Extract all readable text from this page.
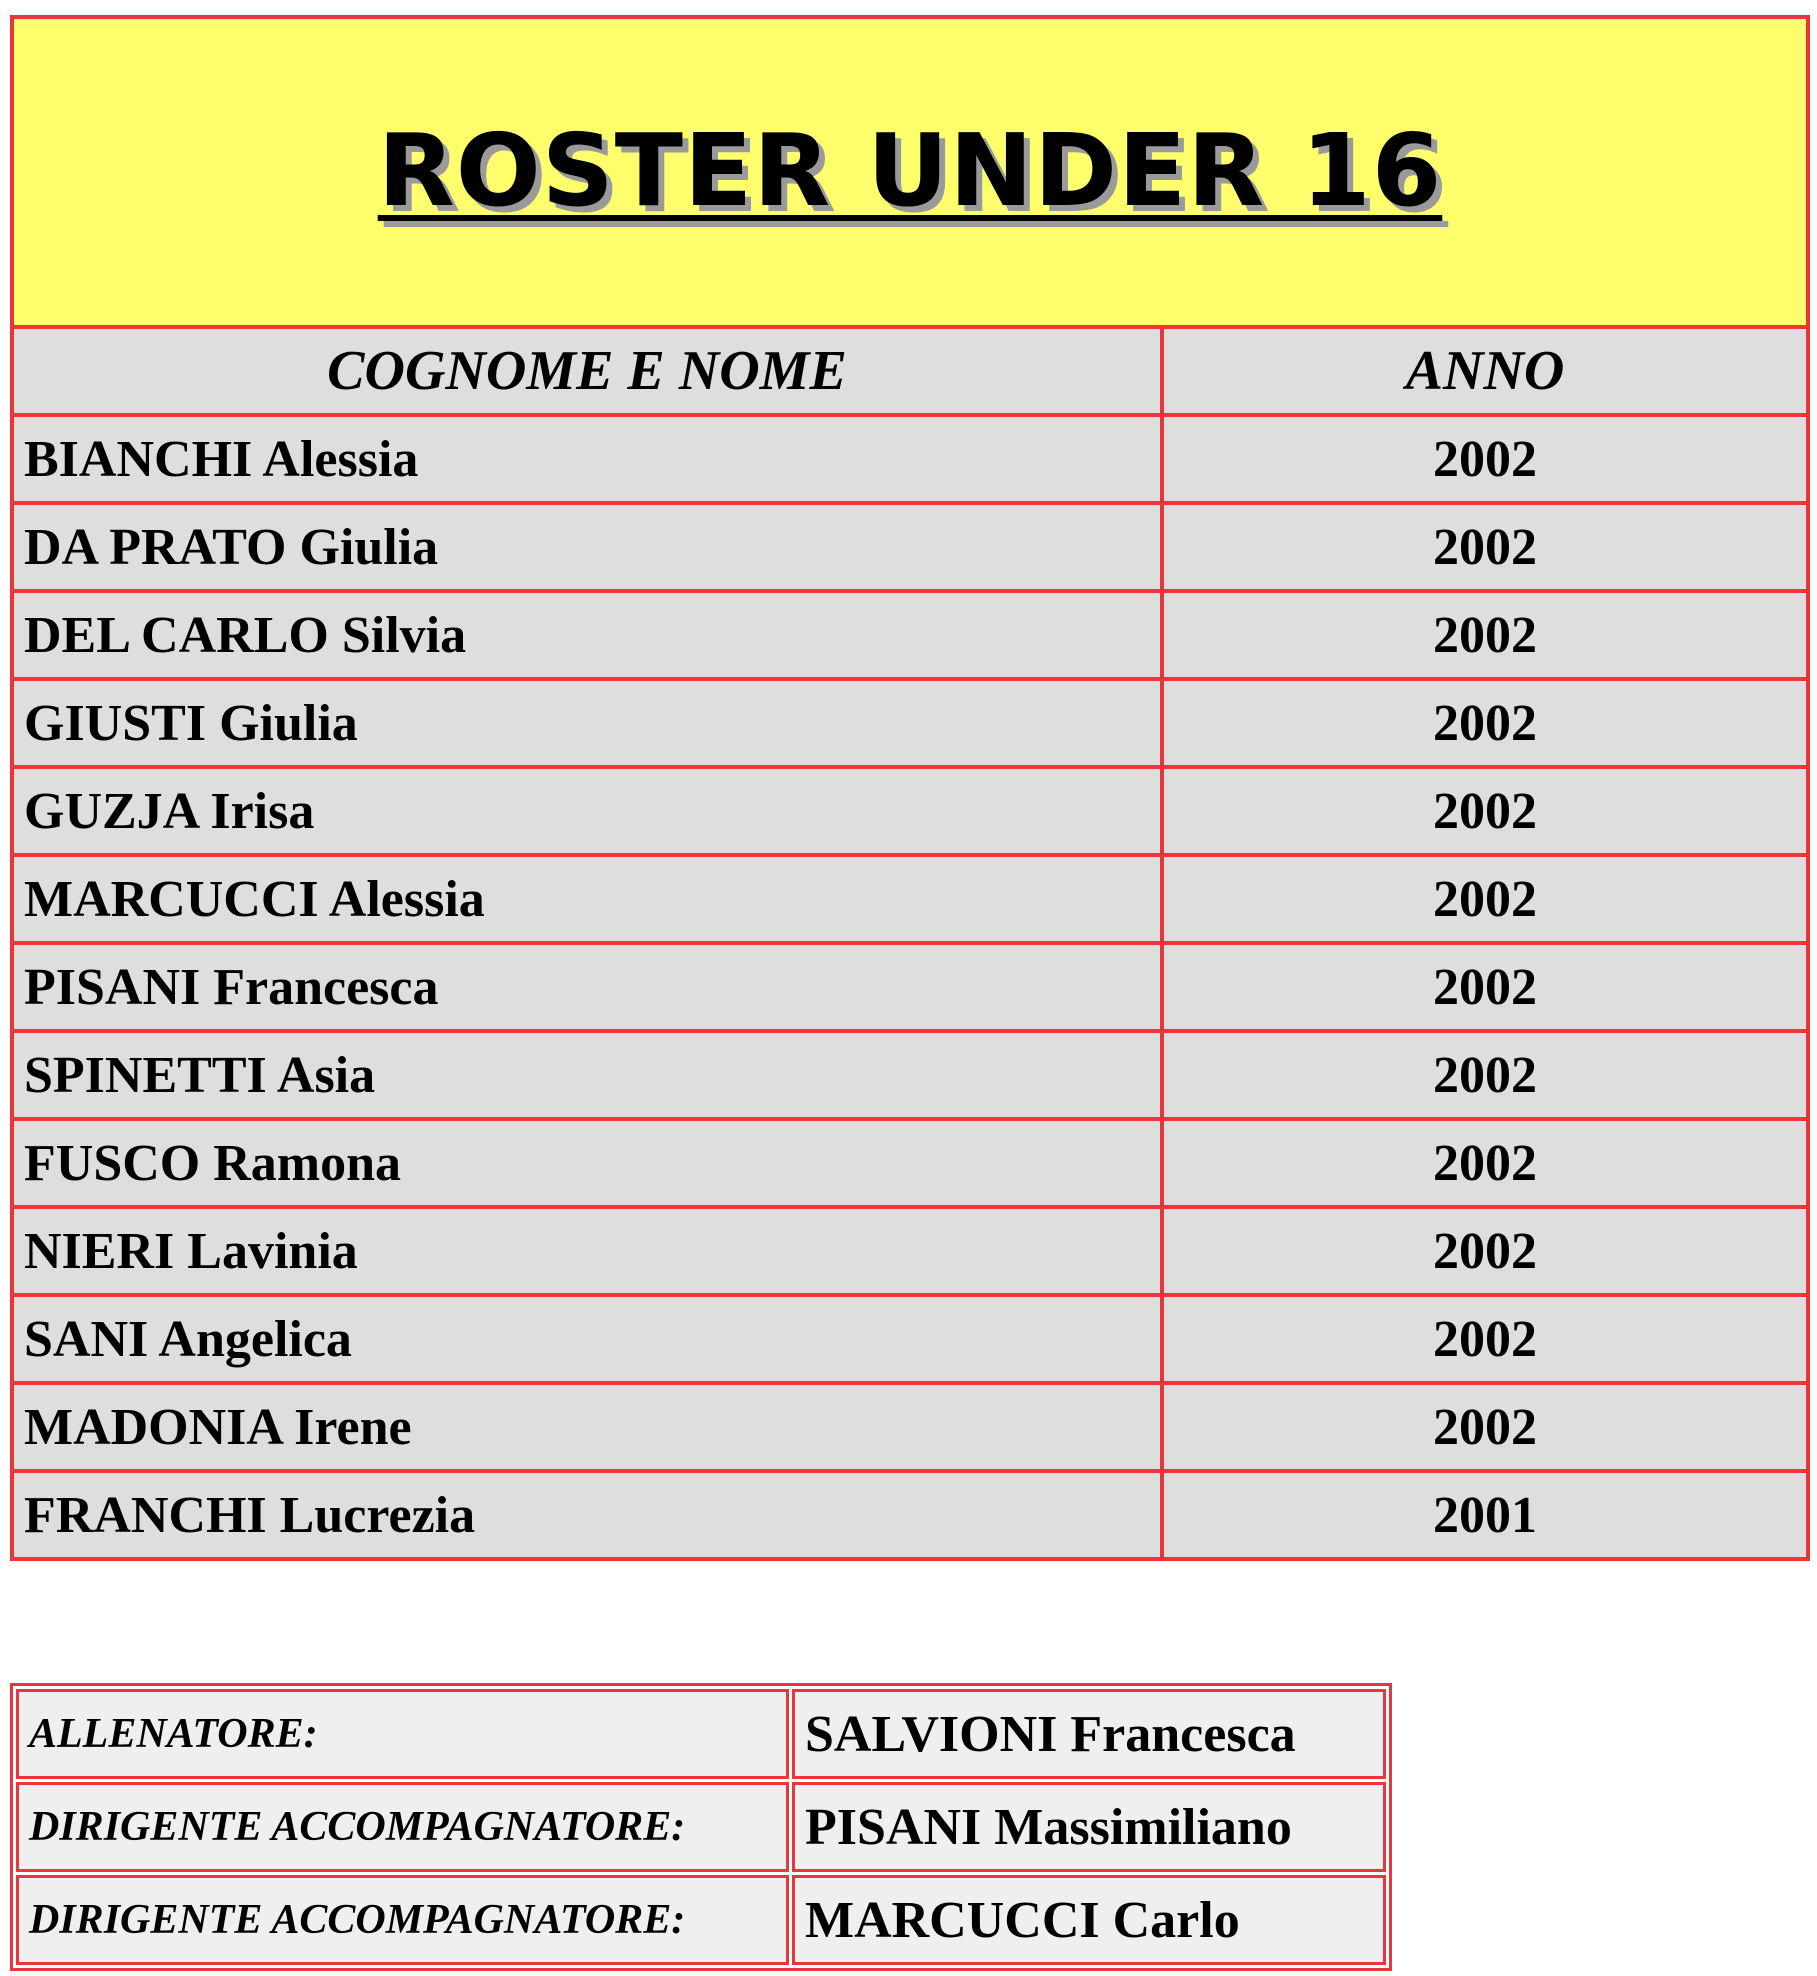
ROSTER UNDER 16	
COGNOME E NOME	ANNO
BIANCHI Alessia	2002
DA PRATO Giulia	2002
DEL CARLO Silvia	2002
GIUSTI Giulia	2002
GUZJA Irisa	2002
MARCUCCI Alessia	2002
PISANI Francesca	2002
SPINETTI Asia	2002
FUSCO Ramona	2002
NIERI Lavinia	2002
SANI Angelica	2002
MADONIA Irene	2002
FRANCHI Lucrezia	2001
ALLENATORE:	SALVIONI Francesca
DIRIGENTE ACCOMPAGNATORE:	PISANI Massimiliano
DIRIGENTE ACCOMPAGNATORE:	MARCUCCI Carlo
